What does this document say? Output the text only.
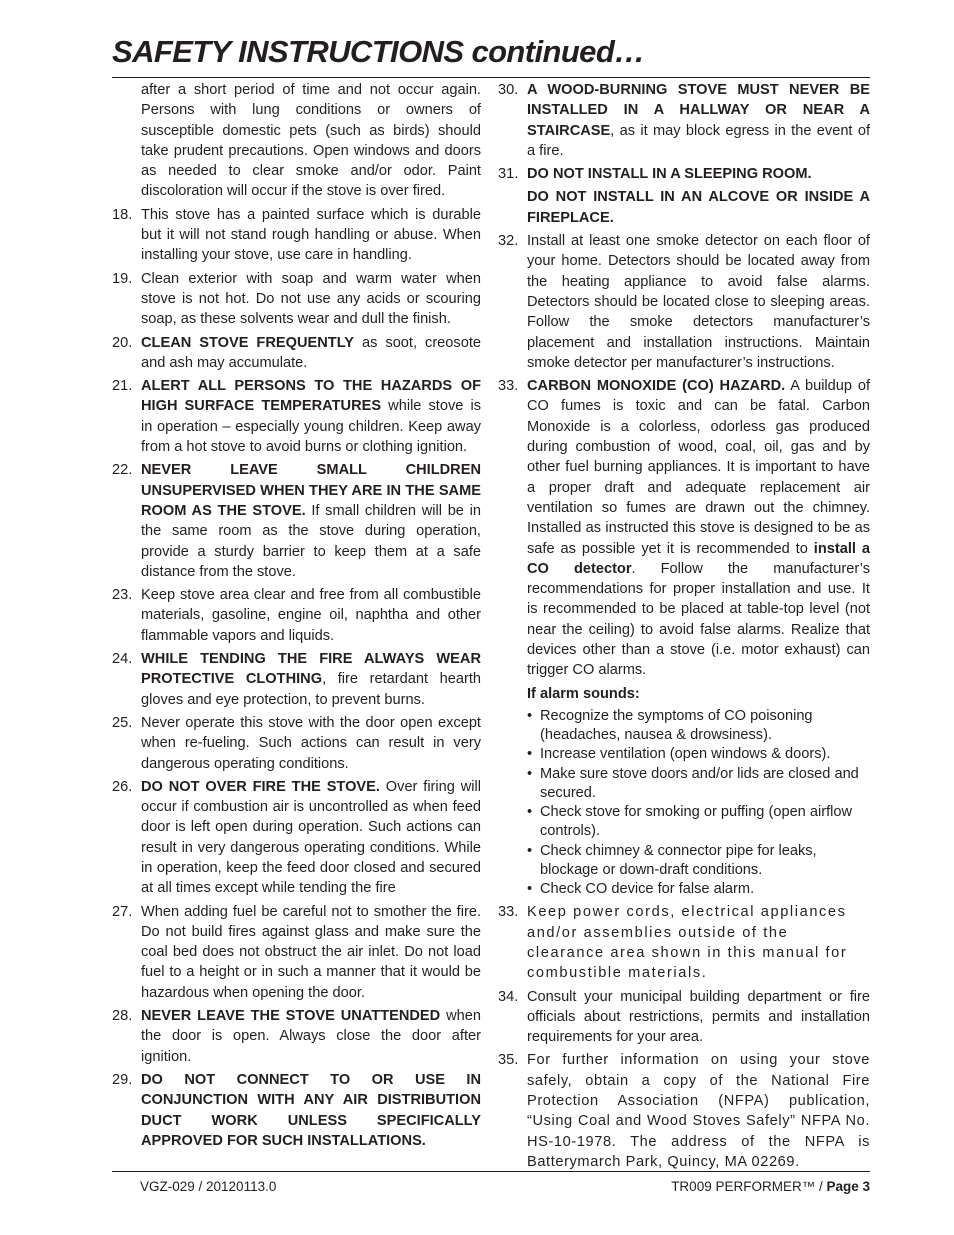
SAFETY INSTRUCTIONS continued…

after a short period of time and not occur again. Persons with lung conditions or owners of susceptible domestic pets (such as birds) should take prudent precautions. Open windows and doors as needed to clear smoke and/or odor. Paint discoloration will occur if the stove is over fired.

18. This stove has a painted surface which is durable but it will not stand rough handling or abuse. When installing your stove, use care in handling.

19. Clean exterior with soap and warm water when stove is not hot. Do not use any acids or scouring soap, as these solvents wear and dull the finish.

20. CLEAN STOVE FREQUENTLY as soot, creosote and ash may accumulate.

21. ALERT ALL PERSONS TO THE HAZARDS OF HIGH SURFACE TEMPERATURES while stove is in operation – especially young children. Keep away from a hot stove to avoid burns or clothing ignition.

22. NEVER LEAVE SMALL CHILDREN UNSUPERVISED WHEN THEY ARE IN THE SAME ROOM AS THE STOVE. If small children will be in the same room as the stove during operation, provide a sturdy barrier to keep them at a safe distance from the stove.

23. Keep stove area clear and free from all combustible materials, gasoline, engine oil, naphtha and other flammable vapors and liquids.

24. WHILE TENDING THE FIRE ALWAYS WEAR PROTECTIVE CLOTHING, fire retardant hearth gloves and eye protection, to prevent burns.

25. Never operate this stove with the door open except when re-fueling. Such actions can result in very dangerous operating conditions.

26. DO NOT OVER FIRE THE STOVE. Over firing will occur if combustion air is uncontrolled as when feed door is left open during operation. Such actions can result in very dangerous operating conditions. While in operation, keep the feed door closed and secured at all times except while tending the fire

27. When adding fuel be careful not to smother the fire. Do not build fires against glass and make sure the coal bed does not obstruct the air inlet. Do not load fuel to a height or in such a manner that it would be hazardous when opening the door.

28. NEVER LEAVE THE STOVE UNATTENDED when the door is open. Always close the door after ignition.

29. DO NOT CONNECT TO OR USE IN CONJUNCTION WITH ANY AIR DISTRIBUTION DUCT WORK UNLESS SPECIFICALLY APPROVED FOR SUCH INSTALLATIONS.

30. A WOOD-BURNING STOVE MUST NEVER BE INSTALLED IN A HALLWAY OR NEAR A STAIRCASE, as it may block egress in the event of a fire.

31. DO NOT INSTALL IN A SLEEPING ROOM.

DO NOT INSTALL IN AN ALCOVE OR INSIDE A FIREPLACE.

32. Install at least one smoke detector on each floor of your home. Detectors should be located away from the heating appliance to avoid false alarms. Detectors should be located close to sleeping areas. Follow the smoke detectors manufacturer’s placement and installation instructions. Maintain smoke detector per manufacturer’s instructions.

33. CARBON MONOXIDE (CO) HAZARD. A buildup of CO fumes is toxic and can be fatal. Carbon Monoxide is a colorless, odorless gas produced during combustion of wood, coal, oil, gas and by other fuel burning appliances. It is important to have a proper draft and adequate replacement air ventilation so fumes are drawn out the chimney. Installed as instructed this stove is designed to be as safe as possible yet it is recommended to install a CO detector. Follow the manufacturer’s recommendations for proper installation and use. It is recommended to be placed at table-top level (not near the ceiling) to avoid false alarms. Realize that devices other than a stove (i.e. motor exhaust) can trigger CO alarms.

If alarm sounds:
• Recognize the symptoms of CO poisoning (headaches, nausea & drowsiness).
• Increase ventilation (open windows & doors).
• Make sure stove doors and/or lids are closed and secured.
• Check stove for smoking or puffing (open airflow controls).
• Check chimney & connector pipe for leaks, blockage or down-draft conditions.
• Check CO device for false alarm.
33. Keep power cords, electrical appliances and/or assemblies outside of the clearance area shown in this manual for combustible materials.

34. Consult your municipal building department or fire officials about restrictions, permits and installation requirements for your area.

35. For further information on using your stove safely, obtain a copy of the National Fire Protection Association (NFPA) publication, “Using Coal and Wood Stoves Safely” NFPA No. HS-10-1978. The address of the NFPA is Batterymarch Park, Quincy, MA 02269.

VGZ-029 / 20120113.0	TR009 PERFORMER™ / Page 3
